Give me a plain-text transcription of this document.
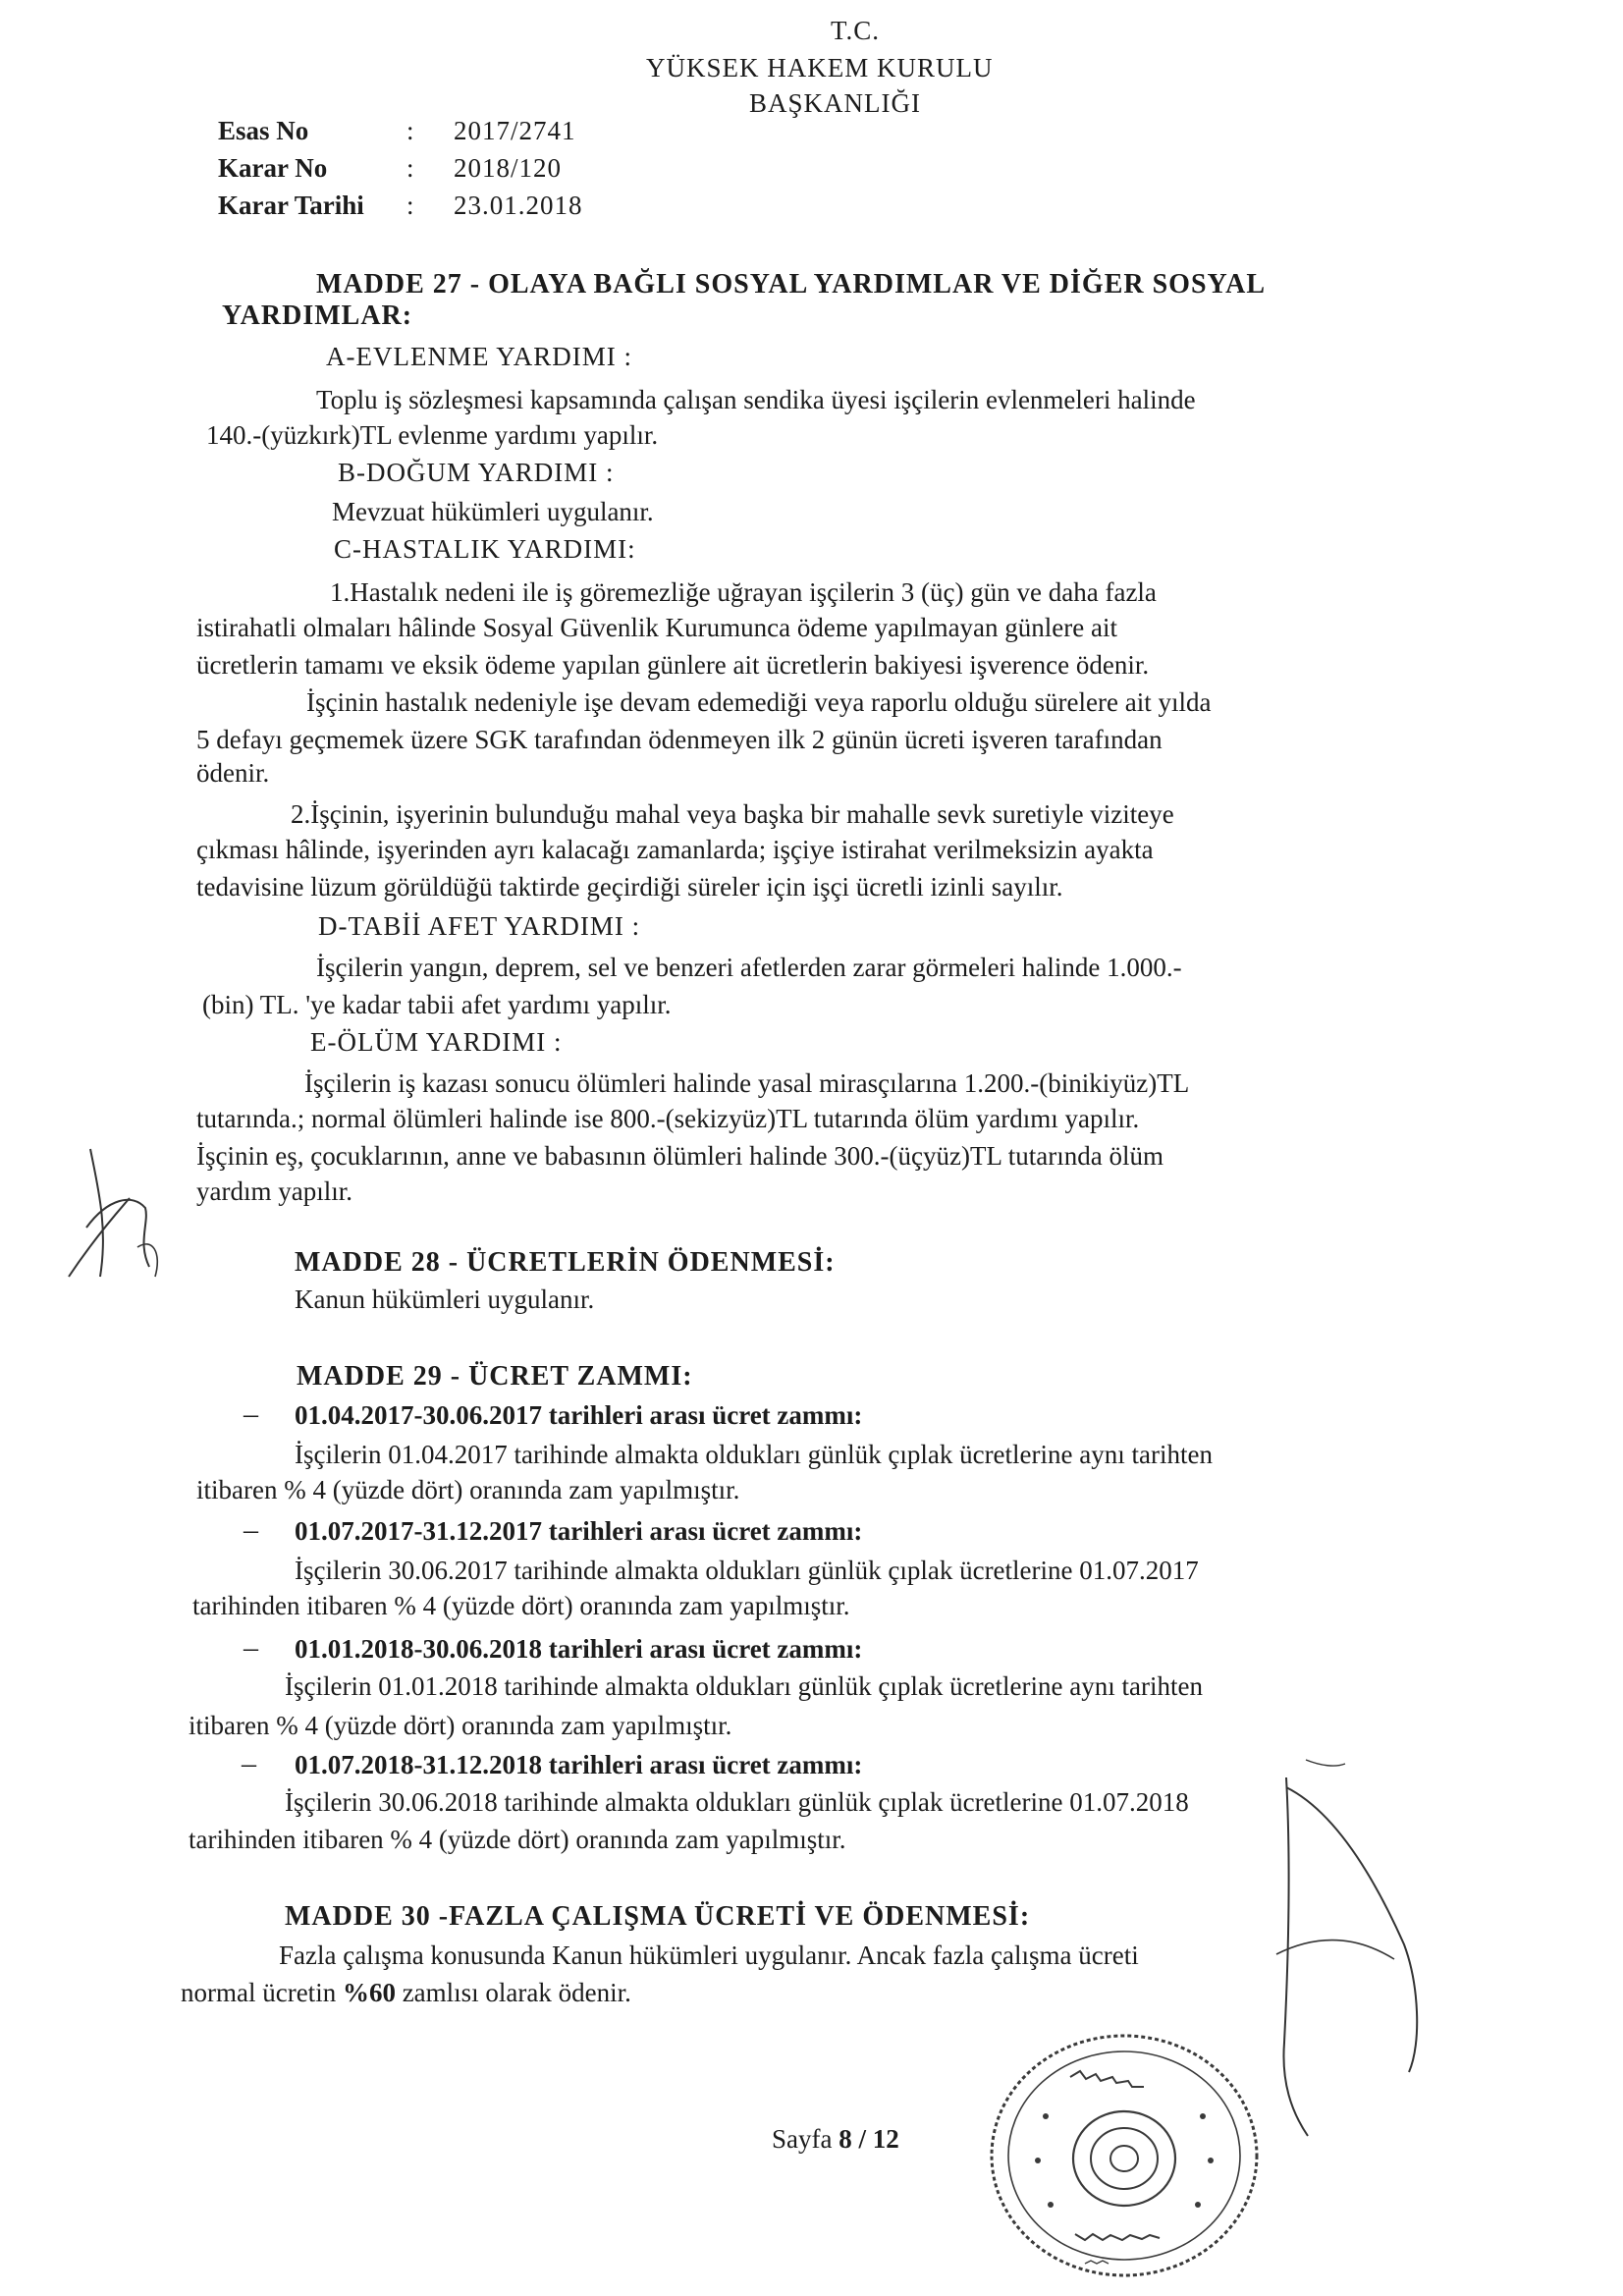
T.C.
YÜKSEK HAKEM KURULU
BAŞKANLIĞI
Esas No	: 2017/2741
Karar No	: 2018/120
Karar Tarihi : 23.01.2018
MADDE 27 - OLAYA BAĞLI SOSYAL YARDIMLAR VE DİĞER SOSYAL
YARDIMLAR:
A-EVLENME YARDIMI :
Toplu iş sözleşmesi kapsamında çalışan sendika üyesi işçilerin evlenmeleri halinde
140.-(yüzkırk)TL evlenme yardımı yapılır.
B-DOĞUM YARDIMI :
Mevzuat hükümleri uygulanır.
C-HASTALIK YARDIMI:
1.Hastalık nedeni ile iş göremezliğe uğrayan işçilerin 3 (üç) gün ve daha fazla
istirahatli olmaları hâlinde Sosyal Güvenlik Kurumunca ödeme yapılmayan günlere ait
ücretlerin tamamı ve eksik ödeme yapılan günlere ait ücretlerin bakiyesi işverence ödenir.
İşçinin hastalık nedeniyle işe devam edemediği veya raporlu olduğu sürelere ait yılda
5 defayı geçmemek üzere SGK tarafından ödenmeyen ilk 2 günün ücreti işveren tarafından
ödenir.
2.İşçinin, işyerinin bulunduğu mahal veya başka bir mahalle sevk suretiyle viziteye
çıkması hâlinde, işyerinden ayrı kalacağı zamanlarda; işçiye istirahat verilmeksizin ayakta
tedavisine lüzum görüldüğü taktirde geçirdiği süreler için işçi ücretli izinli sayılır.
D-TABİİ AFET YARDIMI :
İşçilerin yangın, deprem, sel ve benzeri afetlerden zarar görmeleri halinde 1.000.-
(bin) TL. 'ye kadar tabii afet yardımı yapılır.
E-ÖLÜM YARDIMI :
İşçilerin iş kazası sonucu ölümleri halinde yasal mirasçılarına 1.200.-(binikiyüz)TL
tutarında.; normal ölümleri halinde ise 800.-(sekizyüz)TL tutarında ölüm yardımı yapılır.
İşçinin eş, çocuklarının, anne ve babasının ölümleri halinde 300.-(üçyüz)TL tutarında ölüm
yardım yapılır.
MADDE 28 - ÜCRETLERİN ÖDENMESİ:
Kanun hükümleri uygulanır.
MADDE 29 - ÜCRET ZAMMI:
– 01.04.2017-30.06.2017 tarihleri arası ücret zammı:
İşçilerin 01.04.2017 tarihinde almakta oldukları günlük çıplak ücretlerine aynı tarihten
itibaren % 4 (yüzde dört) oranında zam yapılmıştır.
– 01.07.2017-31.12.2017 tarihleri arası ücret zammı:
İşçilerin 30.06.2017 tarihinde almakta oldukları günlük çıplak ücretlerine 01.07.2017
tarihinden itibaren % 4 (yüzde dört) oranında zam yapılmıştır.
– 01.01.2018-30.06.2018 tarihleri arası ücret zammı:
İşçilerin 01.01.2018 tarihinde almakta oldukları günlük çıplak ücretlerine aynı tarihten
itibaren % 4 (yüzde dört) oranında zam yapılmıştır.
– 01.07.2018-31.12.2018 tarihleri arası ücret zammı:
İşçilerin 30.06.2018 tarihinde almakta oldukları günlük çıplak ücretlerine 01.07.2018
tarihinden itibaren % 4 (yüzde dört) oranında zam yapılmıştır.
MADDE 30 -FAZLA ÇALIŞMA ÜCRETİ VE ÖDENMESİ:
Fazla çalışma konusunda Kanun hükümleri uygulanır. Ancak fazla çalışma ücreti
normal ücretin %60 zamlısı olarak ödenir.
Sayfa 8 / 12
